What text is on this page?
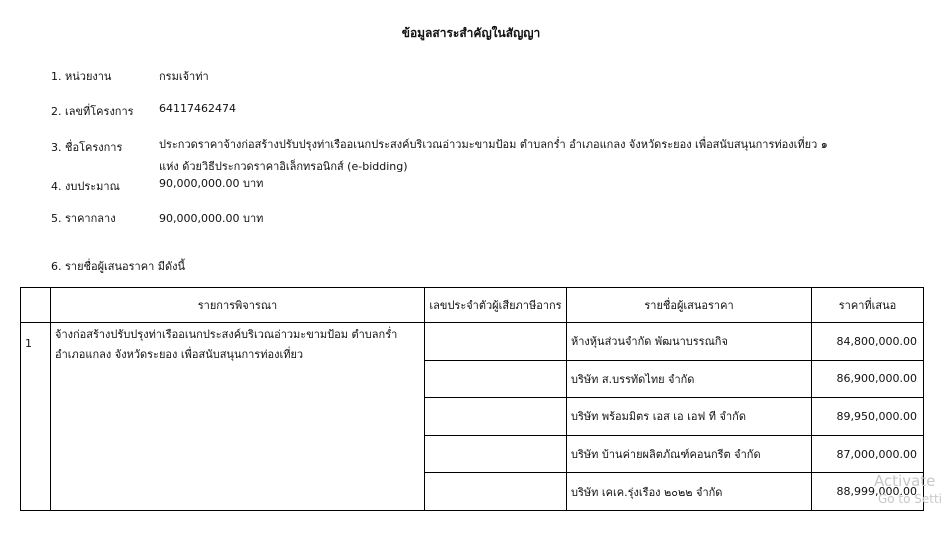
ข้อมูลสาระสำคัญในสัญญา
1. หน่วยงาน	กรมเจ้าท่า
2. เลขที่โครงการ 64117462474
3. ชื่อโครงการ	ประกวดราคาจ้างก่อสร้างปรับปรุงท่าเรืออเนกประสงค์บริเวณอ่าวมะขามป้อม ตำบลกร่ำ อำเภอแกลง จังหวัดระยอง เพื่อสนับสนุนการท่องเที่ยว ๑ แห่ง ด้วยวิธีประกวดราคาอิเล็กทรอนิกส์ (e-bidding)
4. งบประมาณ	90,000,000.00 บาท
5. ราคากลาง	90,000,000.00 บาท
6. รายชื่อผู้เสนอราคา มีดังนี้
	รายการพิจารณา	เลขประจำตัวผู้เสียภาษีอากร	รายชื่อผู้เสนอราคา	ราคาที่เสนอ
1	จ้างก่อสร้างปรับปรุงท่าเรืออเนกประสงค์บริเวณอ่าวมะขามป้อม ตำบลกร่ำ อำเภอแกลง จังหวัดระยอง เพื่อสนับสนุนการท่องเที่ยว		ห้างหุ้นส่วนจำกัด พัฒนาบรรณกิจ	84,800,000.00
			บริษัท ส.บรรทัดไทย จำกัด	86,900,000.00
			บริษัท พร้อมมิตร เอส เอ เอฟ ที จำกัด	89,950,000.00
			บริษัท บ้านค่ายผลิตภัณฑ์คอนกรีต จำกัด	87,000,000.00
			บริษัท เคเค.รุ่งเรือง ๒๐๒๒ จำกัด	88,999,000.00
Activate
Go to Setti
